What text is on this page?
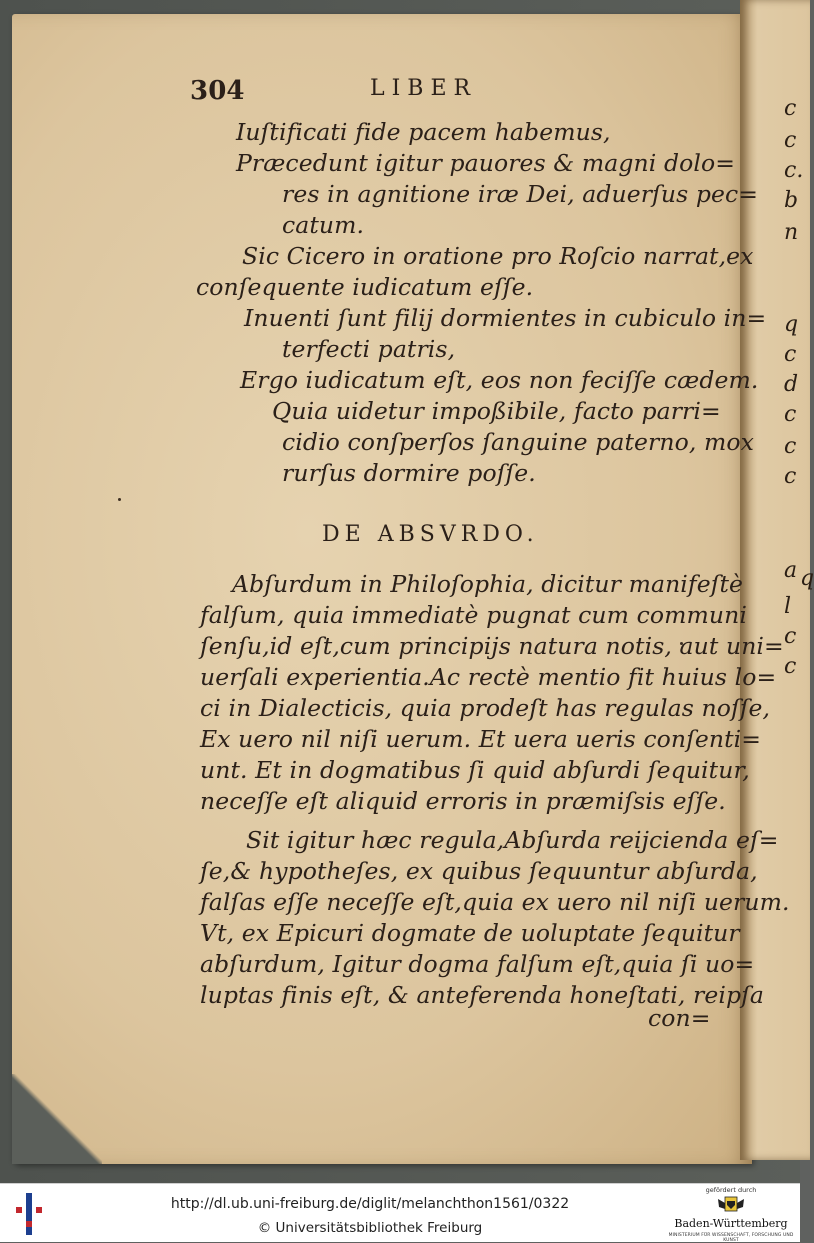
c
c
c.
b
n
q
c
d
c
c
c
a q
l
c
c
304	LIBER
Iuſtificati fide pacem habemus,
Præcedunt igitur pauores & magni dolo=
res in agnitione iræ Dei, aduerſus pec=
catum.
Sic Cicero in oratione pro Roſcio narrat,ex
conſequente iudicatum eſſe.
Inuenti ſunt filij dormientes in cubiculo in=
terfecti patris,
Ergo iudicatum eſt, eos non feciſſe cædem.
Quia uidetur impoßibile, facto parri=
cidio conſperſos ſanguine paterno, mox
rurſus dormire poſſe.
DE ABSVRDO.
Abſurdum in Philoſophia, dicitur manifeſtè
falſum, quia immediatè pugnat cum communi
ſenſu,id eſt,cum principijs natura notis, aut uni=
uerſali experientia.Ac rectè mentio fit huius lo=
ci in Dialecticis, quia prodeſt has regulas noſſe,
Ex uero nil niſi uerum. Et uera ueris conſenti=
unt. Et in dogmatibus ſi quid abſurdi ſequitur,
neceſſe eſt aliquid erroris in præmiſsis eſſe.
Sit igitur hæc regula,Abſurda reijcienda eſ=
ſe,& hypotheſes, ex quibus ſequuntur abſurda,
falſas eſſe neceſſe eſt,quia ex uero nil niſi uerum.
Vt, ex Epicuri dogmate de uoluptate ſequitur
abſurdum, Igitur dogma falſum eſt,quia ſi uo=
luptas finis eſt, & anteferenda honeſtati, reipſa
con=
http://dl.ub.uni-freiburg.de/diglit/melanchthon1561/0322
© Universitätsbibliothek Freiburg
gefördert durch
Baden-Württemberg
MINISTERIUM FÜR WISSENSCHAFT, FORSCHUNG UND KUNST
